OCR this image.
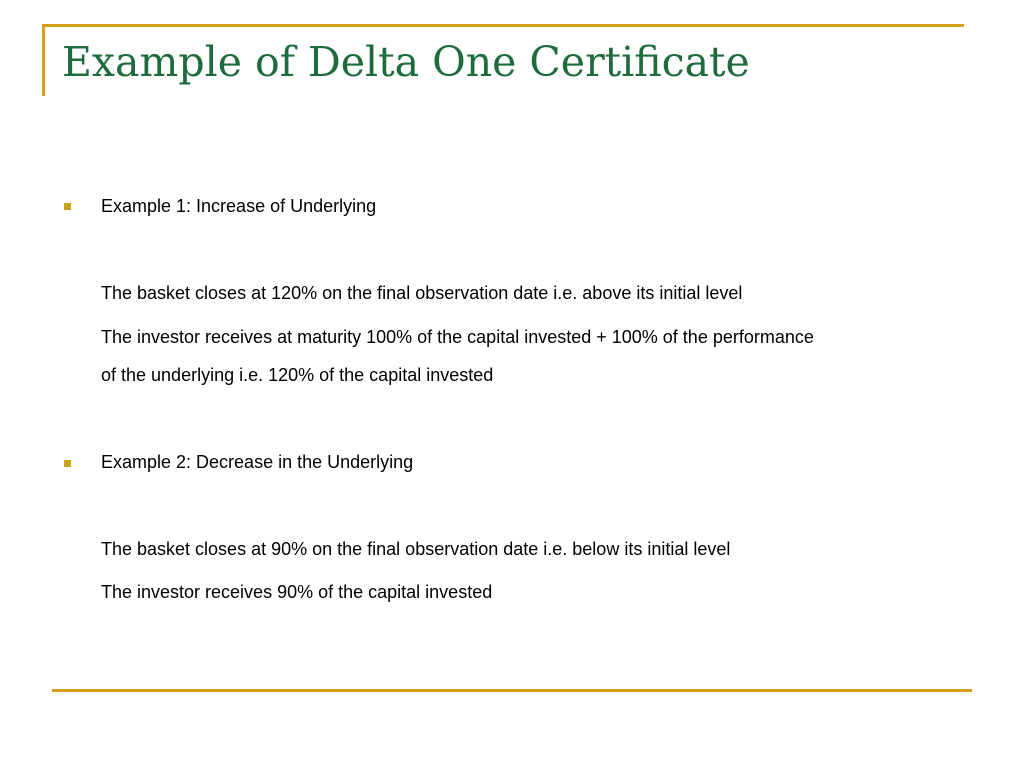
Example of Delta One Certificate
Example 1: Increase of Underlying
The basket closes at 120% on the final observation date i.e. above its initial level
The investor receives at maturity 100% of the capital invested + 100% of the performance
of the underlying i.e. 120% of the capital invested
Example 2: Decrease in the Underlying
The basket closes at 90% on the final observation date i.e. below its initial level
The investor receives 90% of the capital invested
